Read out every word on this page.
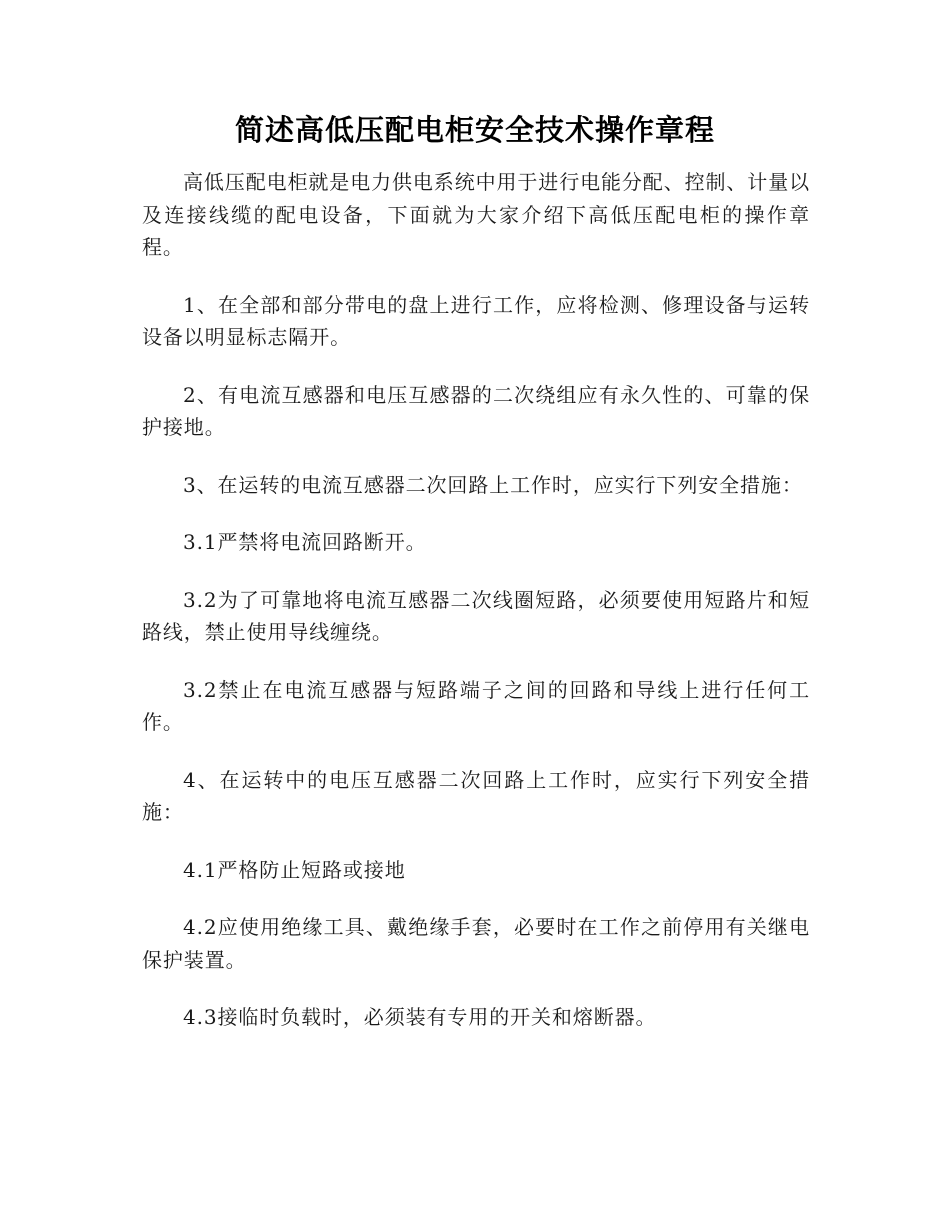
简述高低压配电柜安全技术操作章程

高低压配电柜就是电力供电系统中用于进行电能分配、控制、计量以及连接线缆的配电设备，下面就为大家介绍下高低压配电柜的操作章程。

1、在全部和部分带电的盘上进行工作，应将检测、修理设备与运转设备以明显标志隔开。

2、有电流互感器和电压互感器的二次绕组应有永久性的、可靠的保护接地。

3、在运转的电流互感器二次回路上工作时，应实行下列安全措施：

3.1严禁将电流回路断开。

3.2为了可靠地将电流互感器二次线圈短路，必须要使用短路片和短路线，禁止使用导线缠绕。

3.2禁止在电流互感器与短路端子之间的回路和导线上进行任何工作。

4、在运转中的电压互感器二次回路上工作时，应实行下列安全措施：

4.1严格防止短路或接地

4.2应使用绝缘工具、戴绝缘手套，必要时在工作之前停用有关继电保护装置。

4.3接临时负载时，必须装有专用的开关和熔断器。
